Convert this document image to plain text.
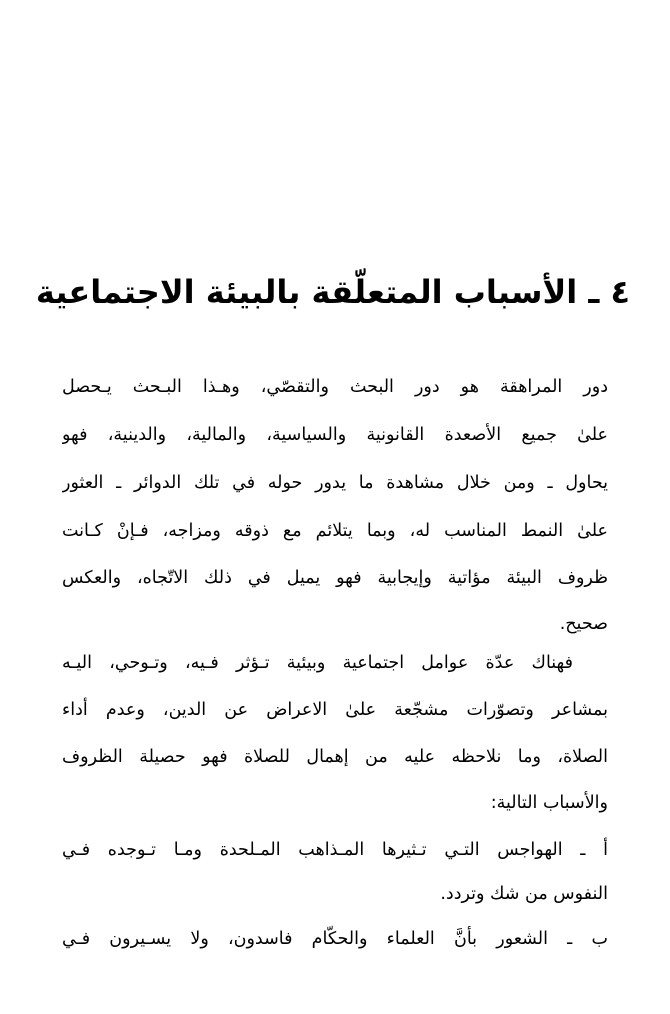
٤ ـ الأسباب المتعلّقة بالبيئة الاجتماعية
دور المراهقة هو دور البحث والتقصّي، وهـذا البـحث يـحصل
علىٰ جميع الأصعدة القانونية والسياسية، والمالية، والدينية، فهو
يحاول ـ ومن خلال مشاهدة ما يدور حوله في تلك الدوائر ـ العثور
علىٰ النمط المناسب له، وبما يتلائم مع ذوقه ومزاجه، فـإنْ كـانت
ظروف البيئة مؤاتية وإيجابية فهو يميل في ذلك الاتّجاه، والعكس
صحيح.
فهناك عدّة عوامل اجتماعية وبيئية تـؤثر فـيه، وتـوحي، اليـه
بمشاعر وتصوّرات مشجّعة علىٰ الاعراض عن الدين، وعدم أداء
الصلاة، وما نلاحظه عليه من إهمال للصلاة فهو حصيلة الظروف
والأسباب التالية:
أ ـ الهواجس التـي تـثيرها المـذاهب المـلحدة ومـا تـوجده فـي
النفوس من شك وتردد.
ب ـ الشعور بأنَّ العلماء والحكّام فاسدون، ولا يسـيرون فـي
